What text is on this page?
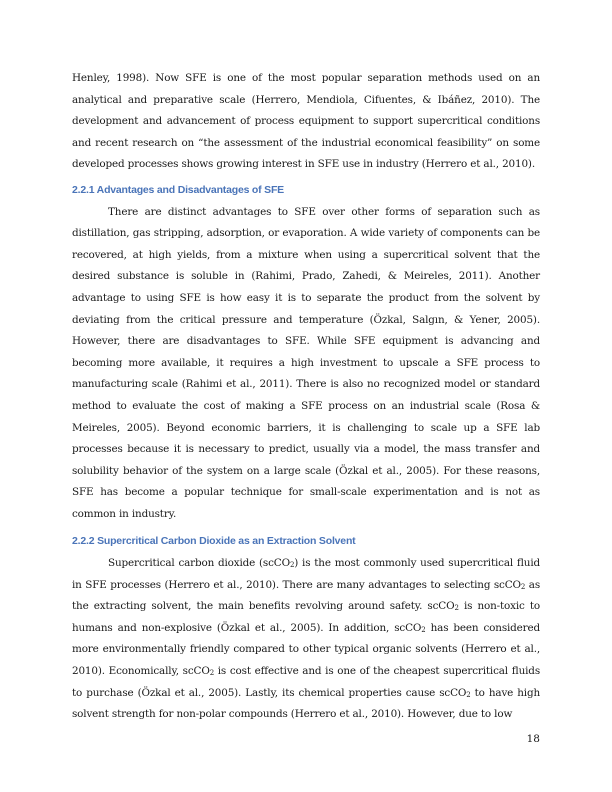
Henley, 1998). Now SFE is one of the most popular separation methods used on an analytical and preparative scale (Herrero, Mendiola, Cifuentes, & Ibáñez, 2010). The development and advancement of process equipment to support supercritical conditions and recent research on “the assessment of the industrial economical feasibility” on some developed processes shows growing interest in SFE use in industry (Herrero et al., 2010).

2.2.1 Advantages and Disadvantages of SFE

There are distinct advantages to SFE over other forms of separation such as distillation, gas stripping, adsorption, or evaporation. A wide variety of components can be recovered, at high yields, from a mixture when using a supercritical solvent that the desired substance is soluble in (Rahimi, Prado, Zahedi, & Meireles, 2011). Another advantage to using SFE is how easy it is to separate the product from the solvent by deviating from the critical pressure and temperature (Özkal, Salgın, & Yener, 2005). However, there are disadvantages to SFE. While SFE equipment is advancing and becoming more available, it requires a high investment to upscale a SFE process to manufacturing scale (Rahimi et al., 2011). There is also no recognized model or standard method to evaluate the cost of making a SFE process on an industrial scale (Rosa & Meireles, 2005). Beyond economic barriers, it is challenging to scale up a SFE lab processes because it is necessary to predict, usually via a model, the mass transfer and solubility behavior of the system on a large scale (Özkal et al., 2005). For these reasons, SFE has become a popular technique for small-scale experimentation and is not as common in industry.

2.2.2 Supercritical Carbon Dioxide as an Extraction Solvent

Supercritical carbon dioxide (scCO$_2$) is the most commonly used supercritical fluid in SFE processes (Herrero et al., 2010). There are many advantages to selecting scCO$_2$ as the extracting solvent, the main benefits revolving around safety. scCO$_2$ is non-toxic to humans and non-explosive (Özkal et al., 2005). In addition, scCO$_2$ has been considered more environmentally friendly compared to other typical organic solvents (Herrero et al., 2010). Economically, scCO$_2$ is cost effective and is one of the cheapest supercritical fluids to purchase (Özkal et al., 2005). Lastly, its chemical properties cause scCO$_2$ to have high solvent strength for non-polar compounds (Herrero et al., 2010). However, due to low

18
